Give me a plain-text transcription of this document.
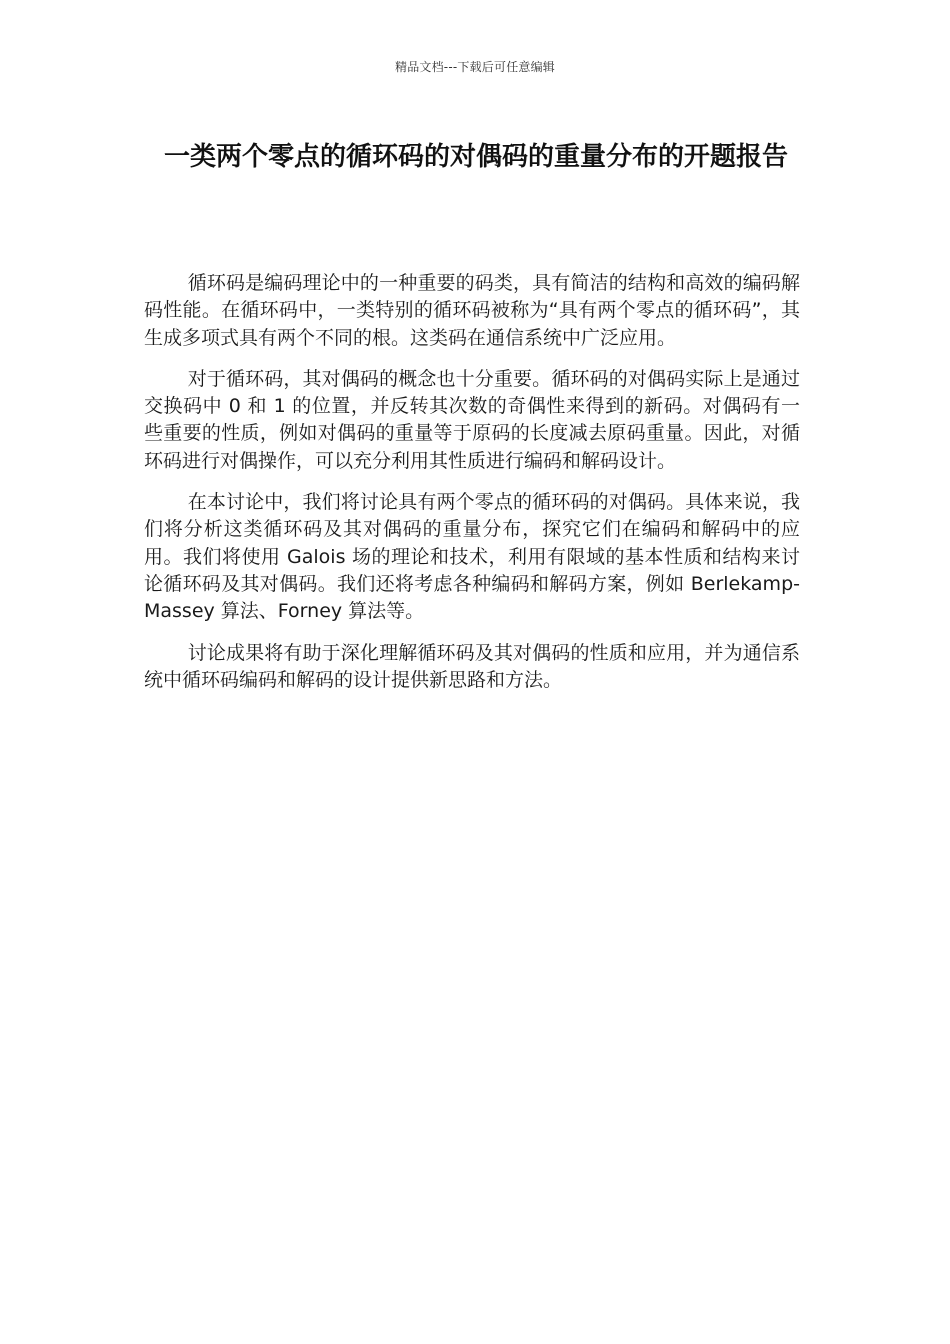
精品文档---下载后可任意编辑
一类两个零点的循环码的对偶码的重量分布的开题报告

循环码是编码理论中的一种重要的码类，具有简洁的结构和高效的编码解码性能。在循环码中，一类特别的循环码被称为“具有两个零点的循环码”，其生成多项式具有两个不同的根。这类码在通信系统中广泛应用。

对于循环码，其对偶码的概念也十分重要。循环码的对偶码实际上是通过交换码中 0 和 1 的位置，并反转其次数的奇偶性来得到的新码。对偶码有一些重要的性质，例如对偶码的重量等于原码的长度减去原码重量。因此，对循环码进行对偶操作，可以充分利用其性质进行编码和解码设计。

在本讨论中，我们将讨论具有两个零点的循环码的对偶码。具体来说，我们将分析这类循环码及其对偶码的重量分布，探究它们在编码和解码中的应用。我们将使用 Galois 场的理论和技术，利用有限域的基本性质和结构来讨论循环码及其对偶码。我们还将考虑各种编码和解码方案，例如 Berlekamp-Massey 算法、Forney 算法等。

讨论成果将有助于深化理解循环码及其对偶码的性质和应用，并为通信系统中循环码编码和解码的设计提供新思路和方法。
